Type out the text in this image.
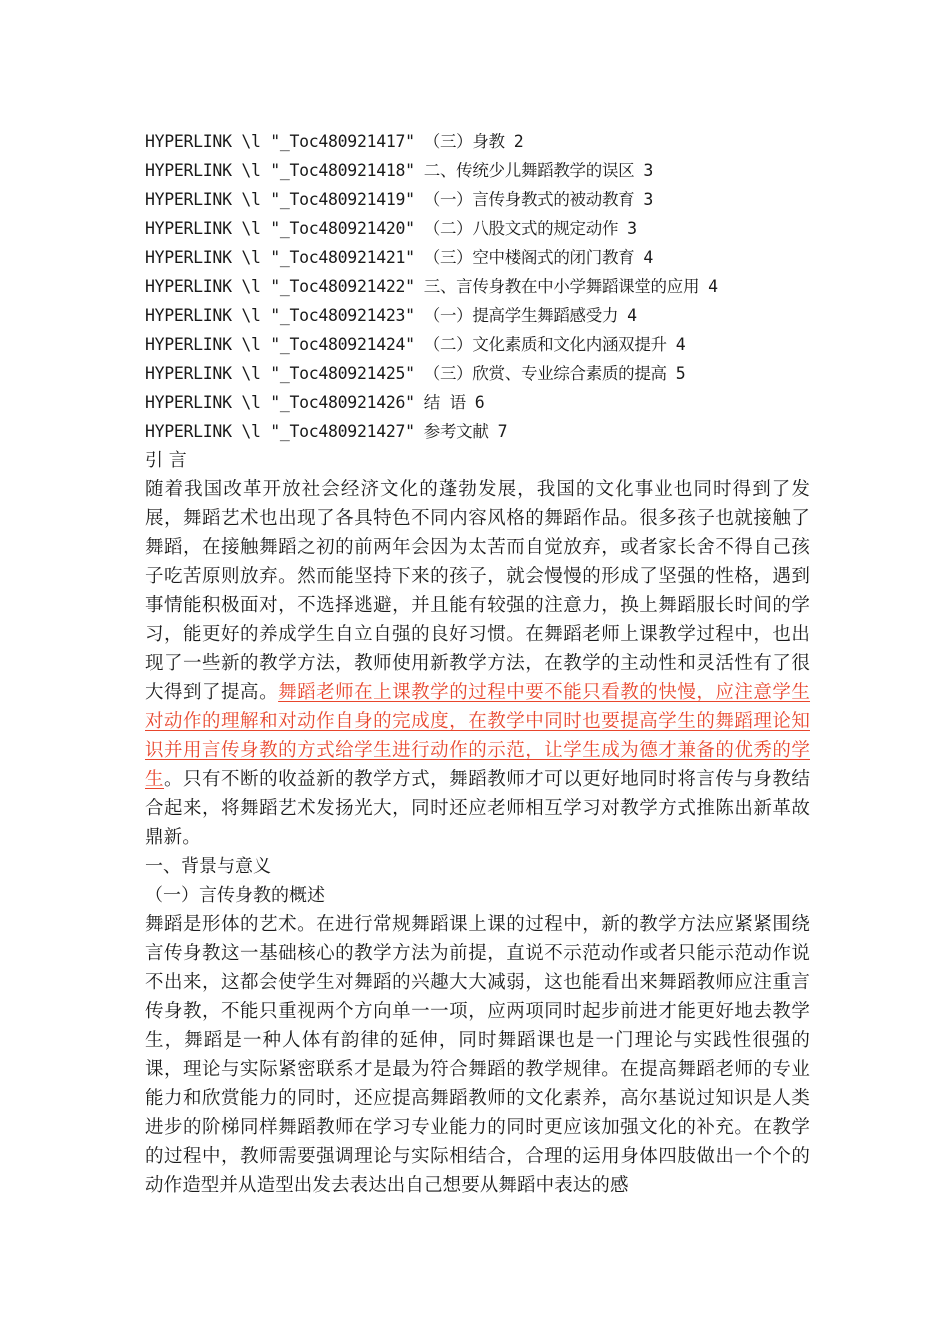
HYPERLINK \l "_Toc480921417" （三）身教 2
HYPERLINK \l "_Toc480921418" 二、传统少儿舞蹈教学的误区 3
HYPERLINK \l "_Toc480921419" （一）言传身教式的被动教育 3
HYPERLINK \l "_Toc480921420" （二）八股文式的规定动作 3
HYPERLINK \l "_Toc480921421" （三）空中楼阁式的闭门教育 4
HYPERLINK \l "_Toc480921422" 三、言传身教在中小学舞蹈课堂的应用 4
HYPERLINK \l "_Toc480921423" （一）提高学生舞蹈感受力 4
HYPERLINK \l "_Toc480921424" （二）文化素质和文化内涵双提升 4
HYPERLINK \l "_Toc480921425" （三）欣赏、专业综合素质的提高 5
HYPERLINK \l "_Toc480921426" 结 语 6
HYPERLINK \l "_Toc480921427" 参考文献 7
引 言
随着我国改革开放社会经济文化的蓬勃发展，我国的文化事业也同时得到了发展，舞蹈艺术也出现了各具特色不同内容风格的舞蹈作品。很多孩子也就接触了舞蹈，在接触舞蹈之初的前两年会因为太苦而自觉放弃，或者家长舍不得自己孩子吃苦原则放弃。然而能坚持下来的孩子，就会慢慢的形成了坚强的性格，遇到事情能积极面对，不选择逃避，并且能有较强的注意力，换上舞蹈服长时间的学习，能更好的养成学生自立自强的良好习惯。在舞蹈老师上课教学过程中，也出现了一些新的教学方法，教师使用新教学方法，在教学的主动性和灵活性有了很大得到了提高。舞蹈老师在上课教学的过程中要不能只看教的快慢，应注意学生对动作的理解和对动作自身的完成度，在教学中同时也要提高学生的舞蹈理论知识并用言传身教的方式给学生进行动作的示范，让学生成为德才兼备的优秀的学生。只有不断的收益新的教学方式，舞蹈教师才可以更好地同时将言传与身教结合起来，将舞蹈艺术发扬光大，同时还应老师相互学习对教学方式推陈出新革故鼎新。
一、背景与意义
（一）言传身教的概述
舞蹈是形体的艺术。在进行常规舞蹈课上课的过程中，新的教学方法应紧紧围绕言传身教这一基础核心的教学方法为前提，直说不示范动作或者只能示范动作说不出来，这都会使学生对舞蹈的兴趣大大减弱，这也能看出来舞蹈教师应注重言传身教，不能只重视两个方向单一一项，应两项同时起步前进才能更好地去教学生，舞蹈是一种人体有韵律的延伸，同时舞蹈课也是一门理论与实践性很强的课，理论与实际紧密联系才是最为符合舞蹈的教学规律。在提高舞蹈老师的专业能力和欣赏能力的同时，还应提高舞蹈教师的文化素养，高尔基说过知识是人类进步的阶梯同样舞蹈教师在学习专业能力的同时更应该加强文化的补充。在教学的过程中，教师需要强调理论与实际相结合，合理的运用身体四肢做出一个个的动作造型并从造型出发去表达出自己想要从舞蹈中表达的感
